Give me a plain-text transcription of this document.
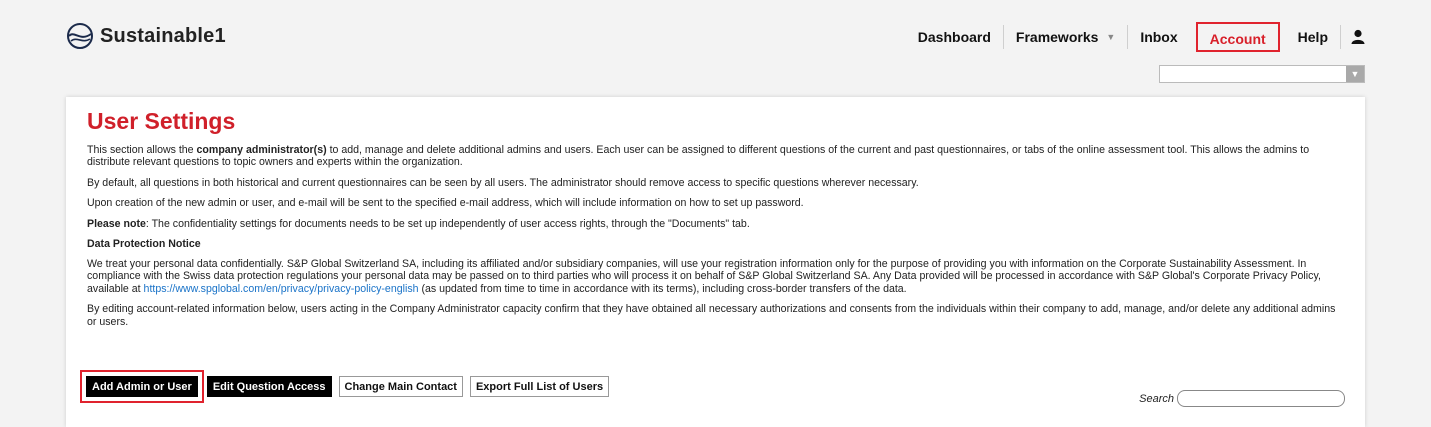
Sustainable1	Dashboard	Frameworks ▼	Inbox	Account	Help
▼
User Settings

This section allows the company administrator(s) to add, manage and delete additional admins and users. Each user can be assigned to different questions of the current and past questionnaires, or tabs of the online assessment tool. This allows the admins to distribute relevant questions to topic owners and experts within the organization.

By default, all questions in both historical and current questionnaires can be seen by all users. The administrator should remove access to specific questions wherever necessary.

Upon creation of the new admin or user, and e-mail will be sent to the specified e-mail address, which will include information on how to set up password.

Please note: The confidentiality settings for documents needs to be set up independently of user access rights, through the "Documents" tab.

Data Protection Notice

We treat your personal data confidentially. S&P Global Switzerland SA, including its affiliated and/or subsidiary companies, will use your registration information only for the purpose of providing you with information on the Corporate Sustainability Assessment. In compliance with the Swiss data protection regulations your personal data may be passed on to third parties who will process it on behalf of S&P Global Switzerland SA. Any Data provided will be processed in accordance with S&P Global's Corporate Privacy Policy, available at https://www.spglobal.com/en/privacy/privacy-policy-english (as updated from time to time in accordance with its terms), including cross-border transfers of the data.

By editing account-related information below, users acting in the Company Administrator capacity confirm that they have obtained all necessary authorizations and consents from the individuals within their company to add, manage, and/or delete any additional admins or users.

Add Admin or User	Edit Question Access	Change Main Contact	Export Full List of Users
Search
